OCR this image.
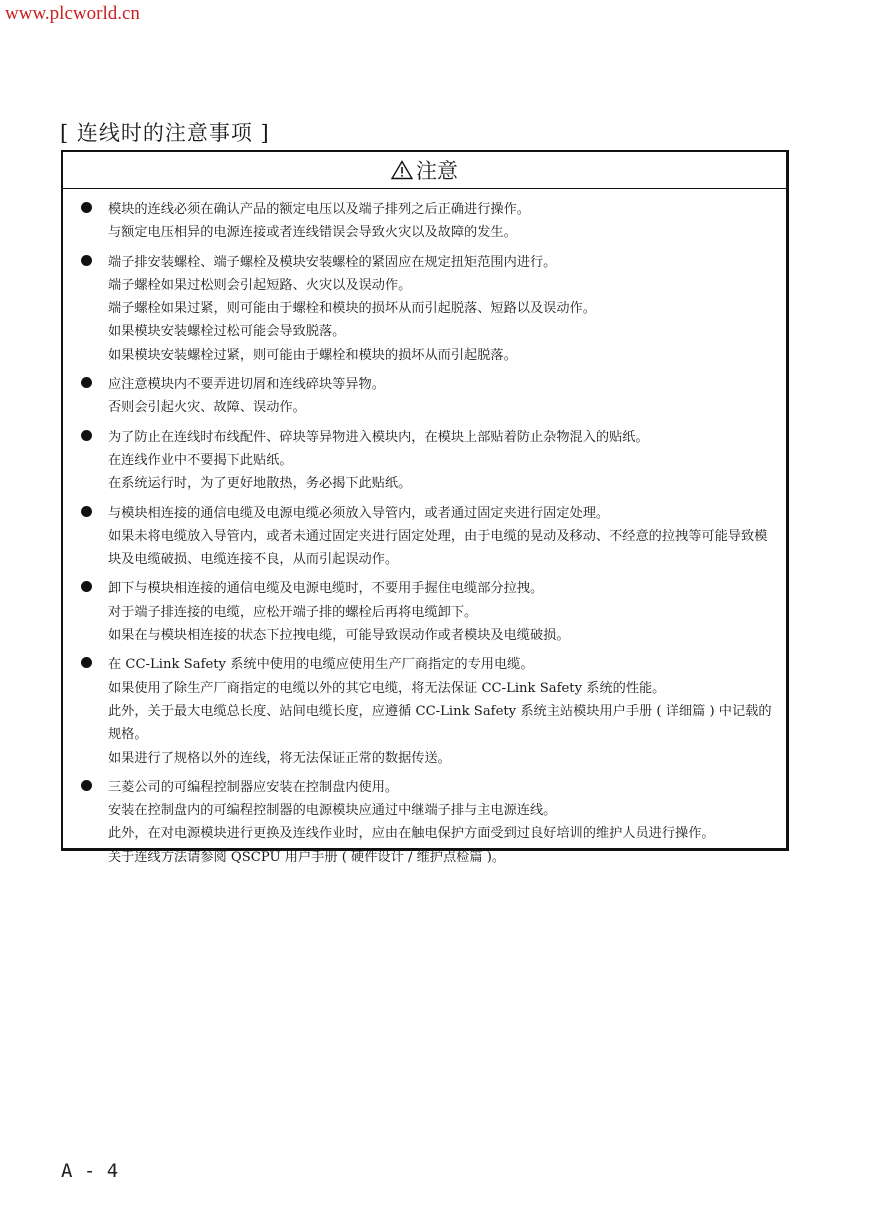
www.plcworld.cn
[ 连线时的注意事项 ]
注意
模块的连线必须在确认产品的额定电压以及端子排列之后正确进行操作。
与额定电压相异的电源连接或者连线错误会导致火灾以及故障的发生。
端子排安装螺栓、端子螺栓及模块安装螺栓的紧固应在规定扭矩范围内进行。
端子螺栓如果过松则会引起短路、火灾以及误动作。
端子螺栓如果过紧，则可能由于螺栓和模块的损坏从而引起脱落、短路以及误动作。
如果模块安装螺栓过松可能会导致脱落。
如果模块安装螺栓过紧，则可能由于螺栓和模块的损坏从而引起脱落。
应注意模块内不要弄进切屑和连线碎块等异物。
否则会引起火灾、故障、误动作。
为了防止在连线时布线配件、碎块等异物进入模块内，在模块上部贴着防止杂物混入的贴纸。
在连线作业中不要揭下此贴纸。
在系统运行时，为了更好地散热，务必揭下此贴纸。
与模块相连接的通信电缆及电源电缆必须放入导管内，或者通过固定夹进行固定处理。
如果未将电缆放入导管内，或者未通过固定夹进行固定处理，由于电缆的晃动及移动、不经意的拉拽等可能导致模块及电缆破损、电缆连接不良，从而引起误动作。
卸下与模块相连接的通信电缆及电源电缆时，不要用手握住电缆部分拉拽。
对于端子排连接的电缆，应松开端子排的螺栓后再将电缆卸下。
如果在与模块相连接的状态下拉拽电缆，可能导致误动作或者模块及电缆破损。
在 CC-Link Safety 系统中使用的电缆应使用生产厂商指定的专用电缆。
如果使用了除生产厂商指定的电缆以外的其它电缆，将无法保证 CC-Link Safety 系统的性能。
此外，关于最大电缆总长度、站间电缆长度，应遵循 CC-Link Safety 系统主站模块用户手册 ( 详细篇 ) 中记载的规格。
如果进行了规格以外的连线，将无法保证正常的数据传送。
三菱公司的可编程控制器应安装在控制盘内使用。
安装在控制盘内的可编程控制器的电源模块应通过中继端子排与主电源连线。
此外，在对电源模块进行更换及连线作业时，应由在触电保护方面受到过良好培训的维护人员进行操作。
关于连线方法请参阅 QSCPU 用户手册 ( 硬件设计 / 维护点检篇 )。
A - 4
